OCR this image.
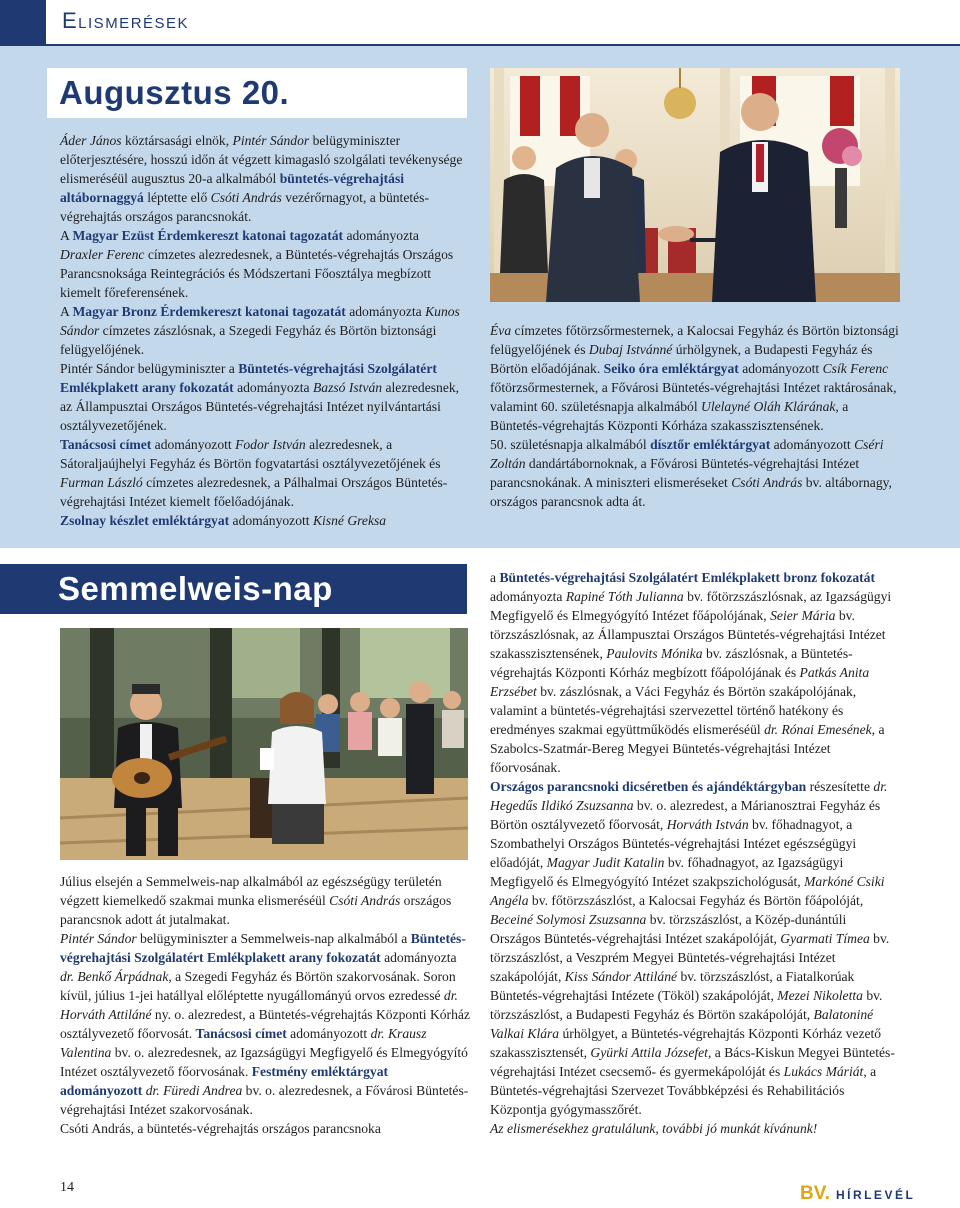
Elismerések
Augusztus 20.
Áder János köztársasági elnök, Pintér Sándor belügyminiszter előterjesztésére, hosszú időn át végzett kimagasló szolgálati tevékenysége elismeréséül augusztus 20-a alkalmából büntetés-végrehajtási altábornaggyá léptette elő Csóti András vezérőrnagyot, a büntetés-végrehajtás országos parancsnokát.
A Magyar Ezüst Érdemkereszt katonai tagozatát adományozta Draxler Ferenc címzetes alezredesnek, a Büntetés-végrehajtás Országos Parancsnoksága Reintegrációs és Módszertani Főosztálya megbízott kiemelt főreferensének.
A Magyar Bronz Érdemkereszt katonai tagozatát adományozta Kunos Sándor címzetes zászlósnak, a Szegedi Fegyház és Börtön biztonsági felügyelőjének.
Pintér Sándor belügyminiszter a Büntetés-végrehajtási Szolgálatért Emlékplakett arany fokozatát adományozta Bazsó István alezredesnek, az Állampusztai Országos Büntetés-végrehajtási Intézet nyilvántartási osztályvezetőjének.
Tanácsosi címet adományozott Fodor István alezredesnek, a Sátoraljaújhelyi Fegyház és Börtön fogvatartási osztályvezetőjének és Furman László címzetes alezredesnek, a Pálhalmai Országos Büntetés-végrehajtási Intézet kiemelt főelőadójának.
Zsolnay készlet emléktárgyat adományozott Kisné Greksa
Éva címzetes főtörzsőrmesternek, a Kalocsai Fegyház és Börtön biztonsági felügyelőjének és Dubaj Istvánné úrhölgynek, a Budapesti Fegyház és Börtön előadójának. Seiko óra emléktárgyat adományozott Csík Ferenc főtörzsőrmesternek, a Fővárosi Büntetés-végrehajtási Intézet raktárosának, valamint 60. születésnapja alkalmából Ulelayné Oláh Klárának, a Büntetés-végrehajtás Központi Kórháza szakasszisztensének.
50. születésnapja alkalmából dísztőr emléktárgyat adományozott Cséri Zoltán dandártábornoknak, a Fővárosi Büntetés-végrehajtási Intézet parancsnokának. A miniszteri elismeréseket Csóti András bv. altábornagy, országos parancsnok adta át.
Semmelweis-nap
Július elsején a Semmelweis-nap alkalmából az egészségügy területén végzett kiemelkedő szakmai munka elismeréséül Csóti András országos parancsnok adott át jutalmakat.
Pintér Sándor belügyminiszter a Semmelweis-nap alkalmából a Büntetés-végrehajtási Szolgálatért Emlékplakett arany fokozatát adományozta dr. Benkő Árpádnak, a Szegedi Fegyház és Börtön szakorvosának. Soron kívül, július 1-jei hatállyal előléptette nyugállományú orvos ezredessé dr. Horváth Attiláné ny. o. alezredest, a Büntetés-végrehajtás Központi Kórház osztályvezető főorvosát. Tanácsosi címet adományozott dr. Krausz Valentina bv. o. alezredesnek, az Igazságügyi Megfigyelő és Elmegyógyító Intézet osztályvezető főorvosának. Festmény emléktárgyat adományozott dr. Füredi Andrea bv. o. alezredesnek, a Fővárosi Büntetés-végrehajtási Intézet szakorvosának.
Csóti András, a büntetés-végrehajtás országos parancsnoka
a Büntetés-végrehajtási Szolgálatért Emlékplakett bronz fokozatát adományozta Rapiné Tóth Julianna bv. főtörzszászlósnak, az Igazságügyi Megfigyelő és Elmegyógyító Intézet főápolójának, Seier Mária bv. törzszászlósnak, az Állampusztai Országos Büntetés-végrehajtási Intézet szakasszisztensének, Paulovits Mónika bv. zászlósnak, a Büntetés-végrehajtás Központi Kórház megbízott főápolójának és Patkás Anita Erzsébet bv. zászlósnak, a Váci Fegyház és Börtön szakápolójának, valamint a büntetés-végrehajtási szervezettel történő hatékony és eredményes szakmai együttműködés elismeréséül dr. Rónai Emesének, a Szabolcs-Szatmár-Bereg Megyei Büntetés-végrehajtási Intézet főorvosának.
Országos parancsnoki dicséretben és ajándéktárgyban részesítette dr. Hegedűs Ildikó Zsuzsanna bv. o. alezredest, a Márianosztrai Fegyház és Börtön osztályvezető főorvosát, Horváth István bv. főhadnagyot, a Szombathelyi Országos Büntetés-végrehajtási Intézet egészségügyi előadóját, Magyar Judit Katalin bv. főhadnagyot, az Igazságügyi Megfigyelő és Elmegyógyító Intézet szakpszichológusát, Markóné Csiki Angéla bv. főtörzszászlóst, a Kalocsai Fegyház és Börtön főápolóját, Beceiné Solymosi Zsuzsanna bv. törzszászlóst, a Közép-dunántúli Országos Büntetés-végrehajtási Intézet szakápolóját, Gyarmati Tímea bv. törzszászlóst, a Veszprém Megyei Büntetés-végrehajtási Intézet szakápolóját, Kiss Sándor Attiláné bv. törzszászlóst, a Fiatalkorúak Büntetés-végrehajtási Intézete (Tököl) szakápolóját, Mezei Nikoletta bv. törzszászlóst, a Budapesti Fegyház és Börtön szakápolóját, Balatoniné Valkai Klára úrhölgyet, a Büntetés-végrehajtás Központi Kórház vezető szakasszisztensét, Gyürki Attila Józsefet, a Bács-Kiskun Megyei Büntetés-végrehajtási Intézet csecsemő- és gyermekápolóját és Lukács Máriát, a Büntetés-végrehajtási Szervezet Továbbképzési és Rehabilitációs Központja gyógymasszőrét.
Az elismerésekhez gratulálunk, további jó munkát kívánunk!
14	BV. HÍRLEVÉL
